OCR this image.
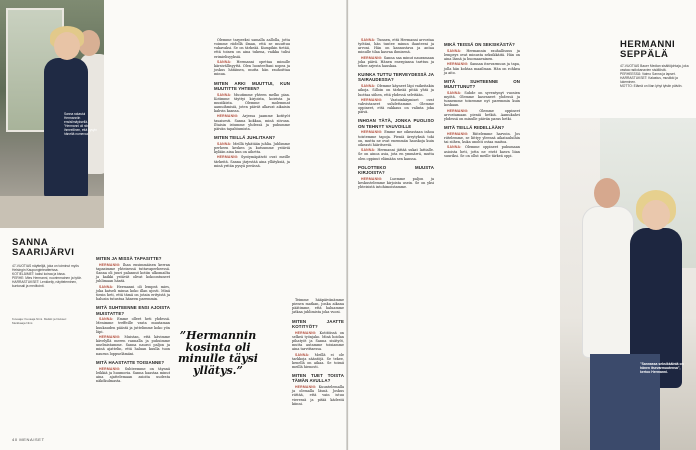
Sanna rakastui Hermanniin ensisilmäyksellä. "Hermanni oli niin ihmeellinen, että kysyin häneltä numeroa."
SANNA SAARIJÄRVI
47-VUOTIAS näyttelijä, joka on toiminut myös Helsingin Kaupunginteatterissa.
KOTIELÄIMET: kaksi koiraa ja kissa.
PERHE: Mies Hermanni, nuorimmainen ja tytär.
HARRASTUKSET: Lenkkeily, näytteleminen, kuntosali ja meditointi.
Kuvaaja: Kuvaaja Nimi. Meikki ja hiukset: Meikkaaja Nimi.
MITEN JA MISSÄ TAPASITTE?

HERMANNI: Ihan ensimmäisen kerran tapasimme yhteisessä tuttavaperheessä. Sanna oli juuri palannut kotiin ulkomailta ja kaikki ystävät olivat kokoontuneet juhlimaan häntä.

SANNA: Hermanni oli lempeä mies, joka katseli minua koko illan ujosti. Minä tiesin heti, että tämä on jotain erityistä ja halusin tutustua häneen paremmin.

MITÄ SUHTEENNE ENSI AJOISTA MUISTATTE?

SANNA: Emme olleet heti yhdessä. Menimme treffeille vasta muutaman kuukauden päästä ja juttelimme koko yön läpi.

HERMANNI: Muistan, että kävimme kävelyllä meren rannalla ja puhuimme unelmistamme. Sanna nauroi paljon ja minä ajattelin, että haluan kuulla tuon naurun loppuelämäni.

MITÄ HAASTATTE TOISIANNE?

HERMANNI: Suhteemme on täynnä leikkiä ja huumoria. Sanna haastaa minut aina ajattelemaan asioita uudesta näkökulmasta.

Olemme tarpeeksi samalla aallolla, jotta voimme riidellä ilman, että se muuttuu vakavaksi. Se on tärkeää. Kumpikin tietää, että toinen on aina tukena, vaikka tulisi erimielisyyksiä.

SANNA: Hermanni opettaa minulle kärsivällisyyttä. Olen luonteeltani nopea ja joskus hätäinen, mutta hän rauhoittaa minua.

MITEN ARKI MUUTTUI, KUN MUUTITTE YHTEEN?

SANNA: Muutimme yhteen melko pian. Kotimme täyttyi kirjoista, koirista ja musiikista. Olemme molemmat aamuihmisiä, joten päivät alkavat aikaisin kahvin kanssa.

HERMANNI: Arjessa jaamme kotityöt tasaisesti. Sanna kokkaa, minä siivoan. Iltaisin istumme yhdessä ja puhumme päivän tapahtumista.

MITEN TEILLÄ JUHLITAAN?

SANNA: Meillä tykätään juhlia. Juhlimme perheen kesken ja kutsumme ystäviä kylään aina kun on aihetta.

HERMANNI: Syntymäpäivät ovat meille tärkeitä. Sanna järjestää aina yllätyksiä, ja minä yritän pysyä perässä.

Teimme hääpäivänämme pienen matkan, jonka aikana päätimme, että haluamme jatkaa juhlimista joka vuosi.

MITEN JAATTE KOTITYÖT?

HERMANNI: Kotitöissä on selkeä työnjako. Minä hoidan pihatyöt ja Sanna sisätyöt, mutta autamme toisiamme aina tarvittaessa.

SANNA: Meillä ei ole tarkkoja sääntöjä. Se tekee, kenellä on aikaa. Se toimii meillä hienosti.

MITEN TUET TOISTA TÄMÄN AVULLA?

HERMANNI: Kuuntelemalla ja olemalla läsnä. Joskus riittää, että vain istuu vieressä ja pitää kädestä kiinni.

”Hermannin kosinta oli minulle täysi yllätys.”
40 MENAISET

SANNA: Tunnen, että Hermanni arvostaa työtäni, hän tuntee minun ihanteeni ja arvoni. Hän on kannustava ja antaa minulle tilaa kasvaa ihmisenä.

HERMANNI: Sanna saa minut nauramaan joka päivä. Hänen energiansa tarttuu ja tekee arjesta hauskaa.

KUINKA TUTTU TERVEYDESSÄ JA SAIRAUDESSA?

SANNA: Olemme käyneet läpi vaikeitakin aikoja. Silloin on tärkeää pitää yhtä ja luottaa siihen, että yhdessä selvitään.

HERMANNI: Vastoinkäymiset ovat vahvistaneet suhdettamme. Olemme oppineet, että rakkaus on valinta joka päivä.

INHOAN TÄTÄ, JONKA PUOLISO ON TEHNYT VAUVOILLE

HERMANNI: Emme me oikeastaan inhoa toistemme tapoja. Pieniä ärsytyksiä toki on, mutta ne ovat enemmän hauskoja kuin oikeasti häiritseviä.

SANNA: Hermanni jättää sukat lattialle. Se on ainoa asia, jota en ymmärrä, mutta olen oppinut elämään sen kanssa.

POLOTTEKO MUUSTA KIRJOISTA?

HERMANNI: Luemme paljon ja keskustelemme kirjoista usein. Se on yksi yhteisistä intohimoistamme.

MIKÄ TEISSÄ ON SEKSIKÄSTÄ?

SANNA: Hermannin rauhallisuus ja lempeys ovat minusta seksikkäitä. Hän on aina läsnä ja huomaavainen.

HERMANNI: Sannan itsevarmuus ja tapa, jolla hän kohtaa maailman. Hän on rohkea ja aito.

MITÄ SUHTEENNE ON MUUTTUNUT?

SANNA: Suhde on syventynyt vuosien myötä. Olemme kasvaneet yhdessä ja tunnemme toisemme nyt paremmin kuin koskaan.

HERMANNI: Olemme oppineet arvostamaan pieniä hetkiä. Aamukahvi yhdessä on minulle päivän paras hetki.

MITÄ TEILLÄ RIIDELLÄÄN?

HERMANNI: Riitelemme harvoin. Jos riitelemme, se liittyy yleensä aikatauluihin tai siihen, kuka unohti ostaa maitoa.

SANNA: Olemme oppineet puhumaan asioista heti, jotta ne eivät kasva liian suuriksi. Se on ollut meille tärkeä oppi.

HERMANNI SEPPÄLÄ
47-VUOTIAS Bauer Median sisältöjohtaja, joka vastaa radiokanavien sisällöstä.
PERHEESSÄ: Vaimo Sanna ja lapset.
HARRASTUKSET: Kalastus, musiikki ja lukeminen.
MOTTO: Elämä on liian lyhyt tylsiin päiviin.
"Sannassa seksikkäintä on hänen itsevarmuutensa", kertoo Hermanni.
